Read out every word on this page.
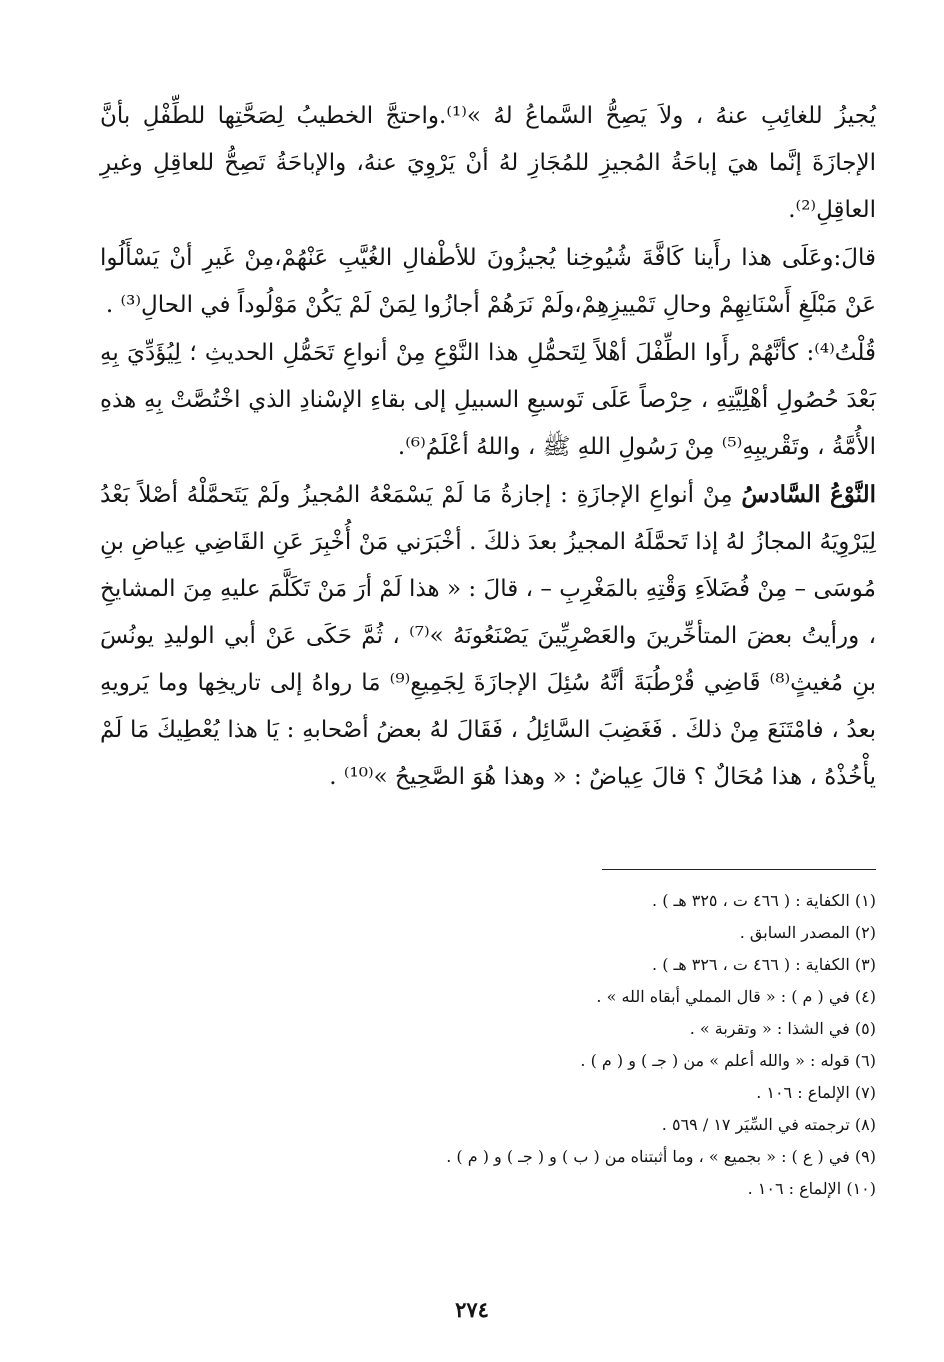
يُجيزُ للغائِبِ عنهُ ، ولاَ يَصِحُّ السَّماعُ لهُ »⁽¹⁾.واحتجَّ الخطيبُ لِصَحَّتِها للطِّفْلِ بأنَّ الإجازَةَ إنَّما هيَ إباحَةُ المُجيزِ للمُجَازِ لهُ أنْ يَرْوِيَ عنهُ، والإباحَةُ تَصِحُّ للعاقِلِ وغيرِ العاقِلِ⁽²⁾.

قالَ:وعَلَى هذا رأَينا كَافَّةَ شُيُوخِنا يُجيزُونَ للأطْفالِ الغُيَّبِ عَنْهُمْ،مِنْ غَيرِ أنْ يَسْأَلُوا عَنْ مَبْلَغِ أَسْنَانِهِمْ وحالِ تَمْييزِهِمْ،ولَمْ نَرَهُمْ أجازُوا لِمَنْ لَمْ يَكُنْ مَوْلُوداً في الحالِ⁽³⁾ .

قُلْتُ⁽⁴⁾: كأنَّهُمْ رأَوا الطِّفْلَ أهْلاً لِتَحمُّلِ هذا النَّوْعِ مِنْ أنواعِ تَحَمُّلِ الحديثِ ؛ لِيُؤَدِّيَ بِهِ بَعْدَ حُصُولِ أهْلِيَّتِهِ ، حِرْصاً عَلَى تَوسيعِ السبيلِ إلى بقاءِ الإسْنادِ الذي اخْتُصَّتْ بِهِ هذهِ الأُمَّةُ ، وتَقْريبِهِ⁽⁵⁾ مِنْ رَسُولِ اللهِ ﷺ ، واللهُ أعْلَمُ⁽⁶⁾.

النَّوْعُ السَّادسُ مِنْ أنواعِ الإجازَةِ : إجازةُ مَا لَمْ يَسْمَعْهُ المُجيزُ ولَمْ يَتَحمَّلْهُ أصْلاً بَعْدُ لِيَرْوِيَهُ المجازُ لهُ إذا تَحمَّلَهُ المجيزُ بعدَ ذلكَ . أخْبَرَني مَنْ أُخْبِرَ عَنِ القَاضِي عِياضِ بنِ مُوسَى – مِنْ فُضَلاَءِ وَقْتِهِ بالمَغْرِبِ – ، قالَ : « هذا لَمْ أرَ مَنْ تَكَلَّمَ عليهِ مِنَ المشايخِ ، ورأيتُ بعضَ المتأخِّرينَ والعَصْرِيِّينَ يَصْنَعُونَهُ »⁽⁷⁾ ، ثُمَّ حَكَى عَنْ أبي الوليدِ يونُسَ بنِ مُغيثٍ⁽⁸⁾ قَاضِي قُرْطُبَةَ أنَّهُ سُئِلَ الإجازَةَ لِجَمِيعِ⁽⁹⁾ مَا رواهُ إلى تاريخِها وما يَرويهِ بعدُ ، فامْتَنَعَ مِنْ ذلكَ . فَغَضِبَ السَّائِلُ ، فَقَالَ لهُ بعضُ أصْحابهِ : يَا هذا يُعْطِيكَ مَا لَمْ يأْخُذْهُ ، هذا مُحَالٌ ؟ قالَ عِياضٌ : « وهذا هُوَ الصَّحِيحُ »⁽¹⁰⁾ .

(١) الكفاية : ( ٤٦٦ ت ، ٣٢٥ هـ ) .

(٢) المصدر السابق .

(٣) الكفاية : ( ٤٦٦ ت ، ٣٢٦ هـ ) .

(٤) في ( م ) : « قال المملي أبقاه الله » .

(٥) في الشذا : « وتقربة » .

(٦) قوله : « والله أعلم » من ( جـ ) و ( م ) .

(٧) الإلماع : ١٠٦ .

(٨) ترجمته في السِّيَر ١٧ / ٥٦٩ .

(٩) في ( ع ) : « بجميع » ، وما أثبتناه من ( ب ) و ( جـ ) و ( م ) .

(١٠) الإلماع : ١٠٦ .

٢٧٤
